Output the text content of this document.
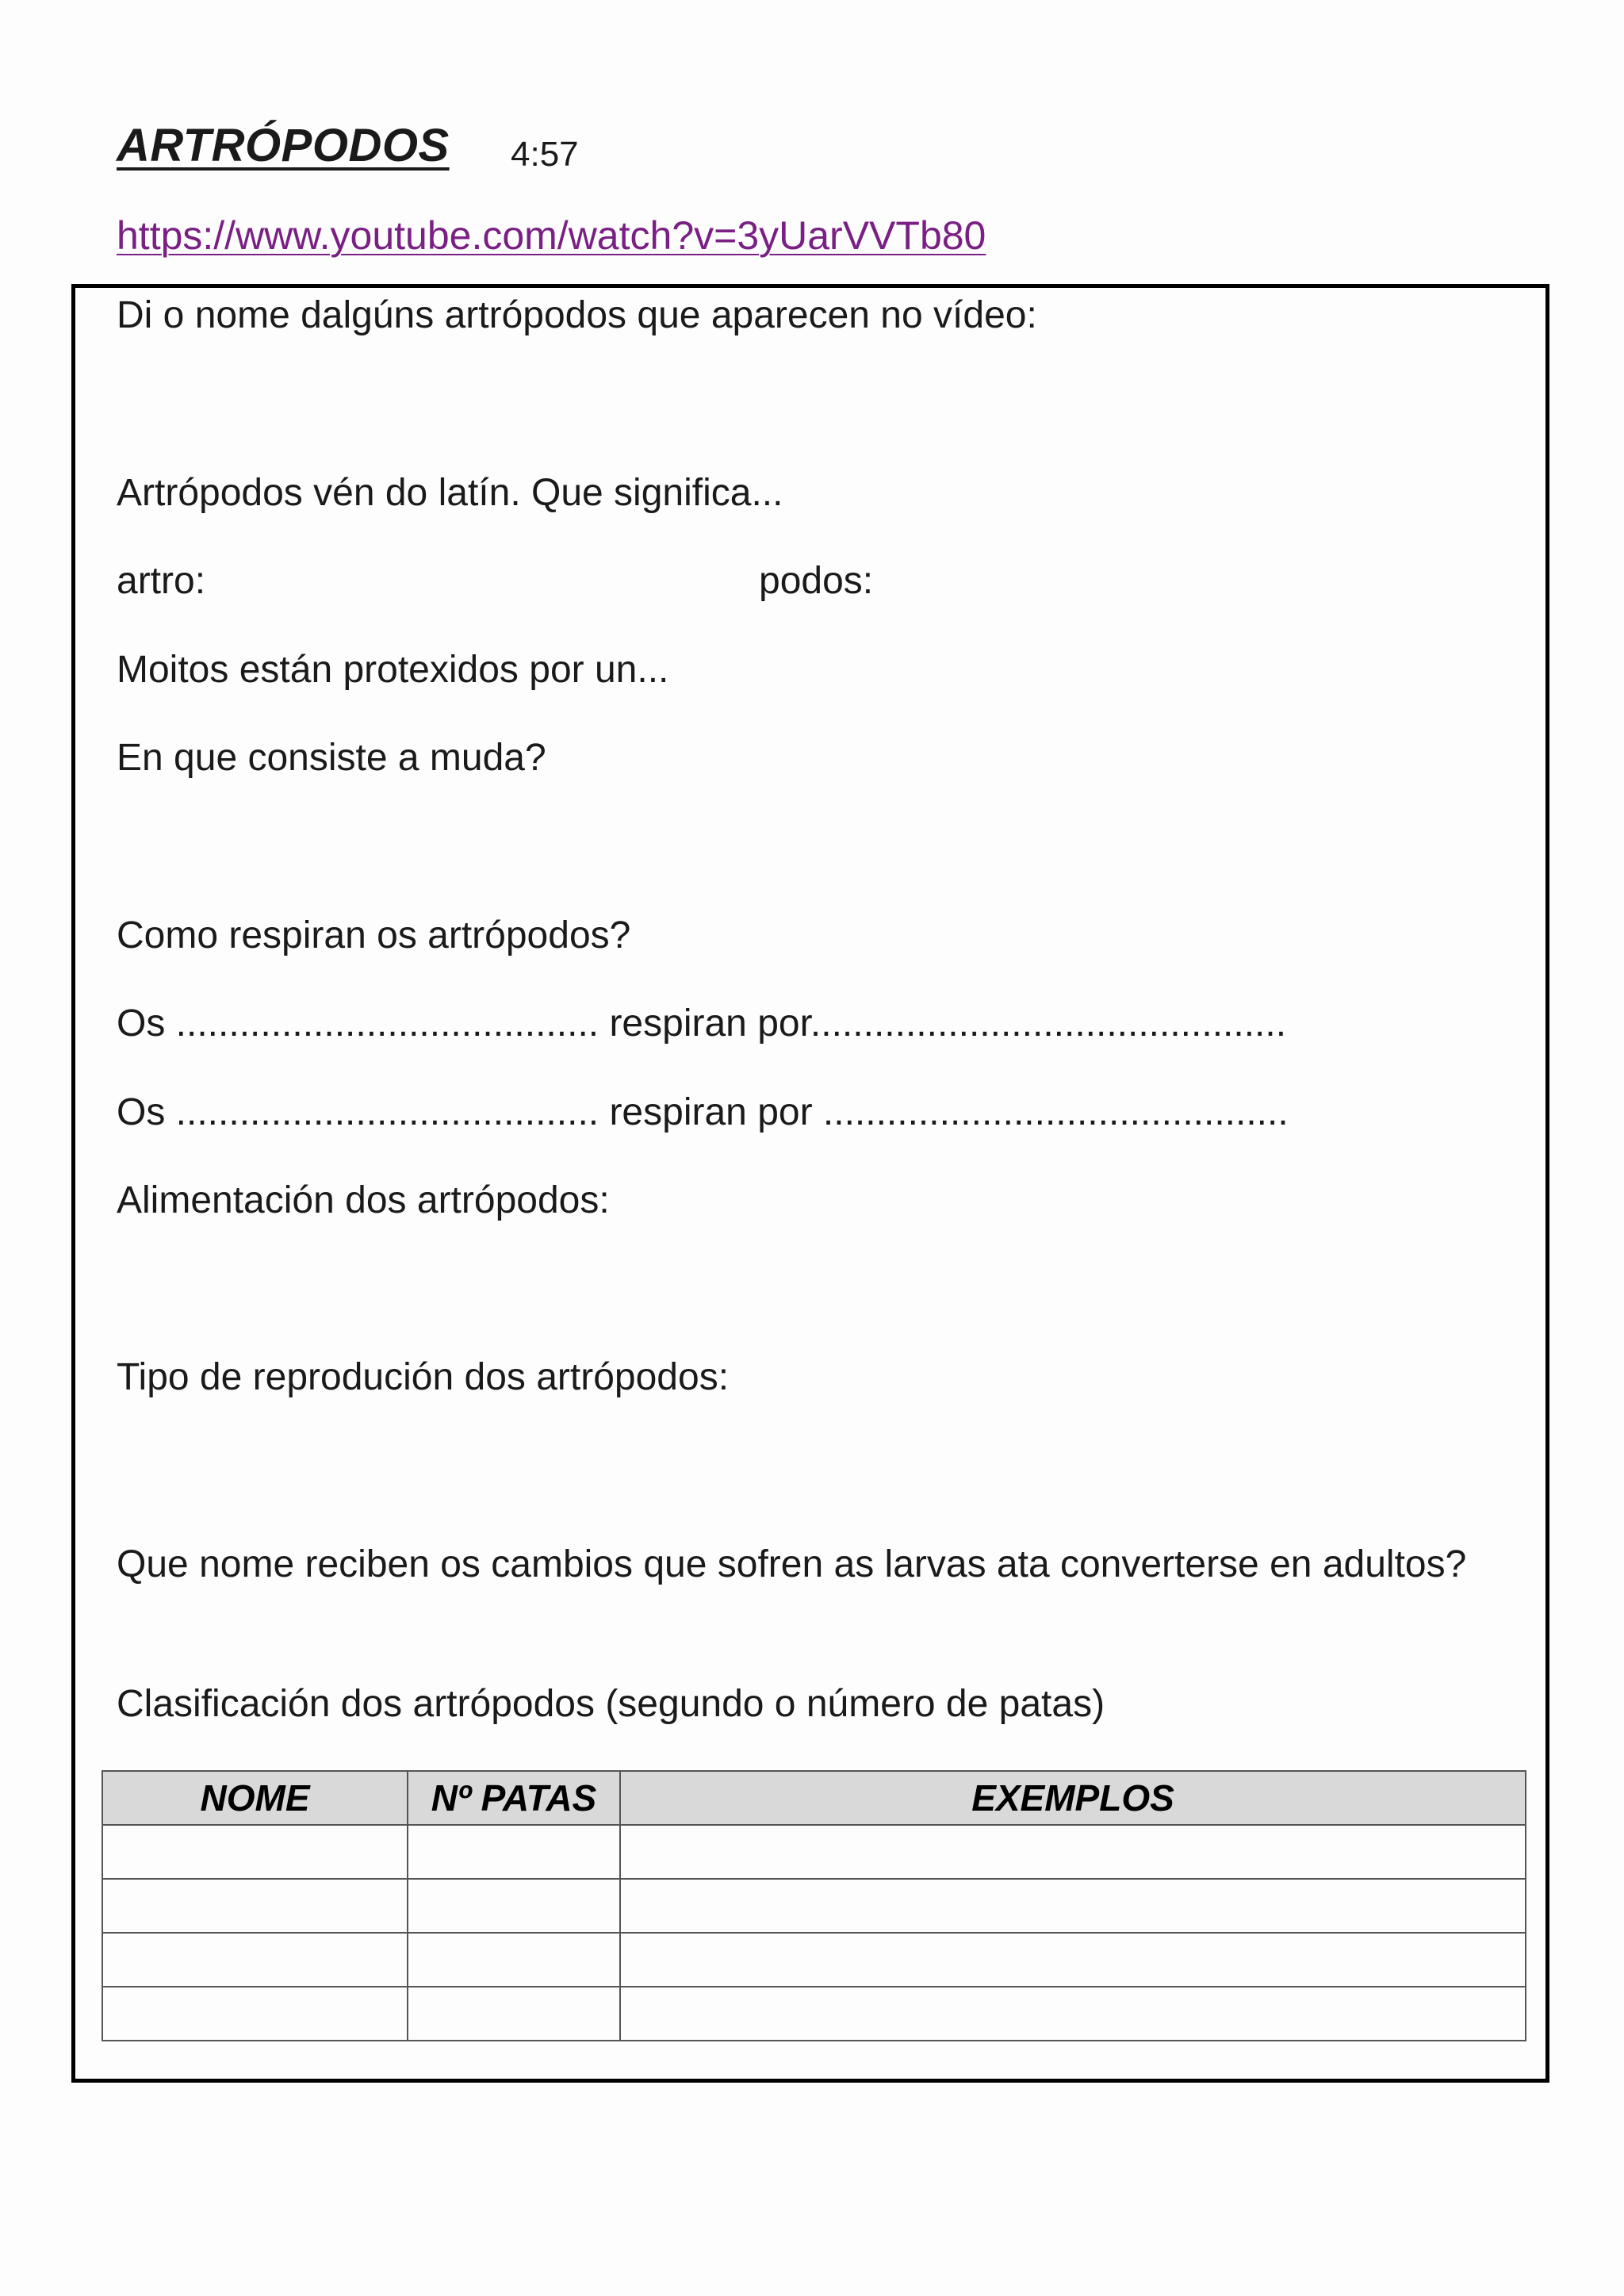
ARTRÓPODOS 4:57
https://www.youtube.com/watch?v=3yUarVVTb80
Di o nome dalgúns artrópodos que aparecen no vídeo:
Artrópodos vén do latín. Que significa...
artro:	podos:
Moitos están protexidos por un...
En que consiste a muda?
Como respiran os artrópodos?
Os ........................................ respiran por.............................................
Os ........................................ respiran por ............................................
Alimentación dos artrópodos:
Tipo de reprodución dos artrópodos:
Que nome reciben os cambios que sofren as larvas ata converterse en adultos?
Clasificación dos artrópodos (segundo o número de patas)
NOME	Nº PATAS	EXEMPLOS
